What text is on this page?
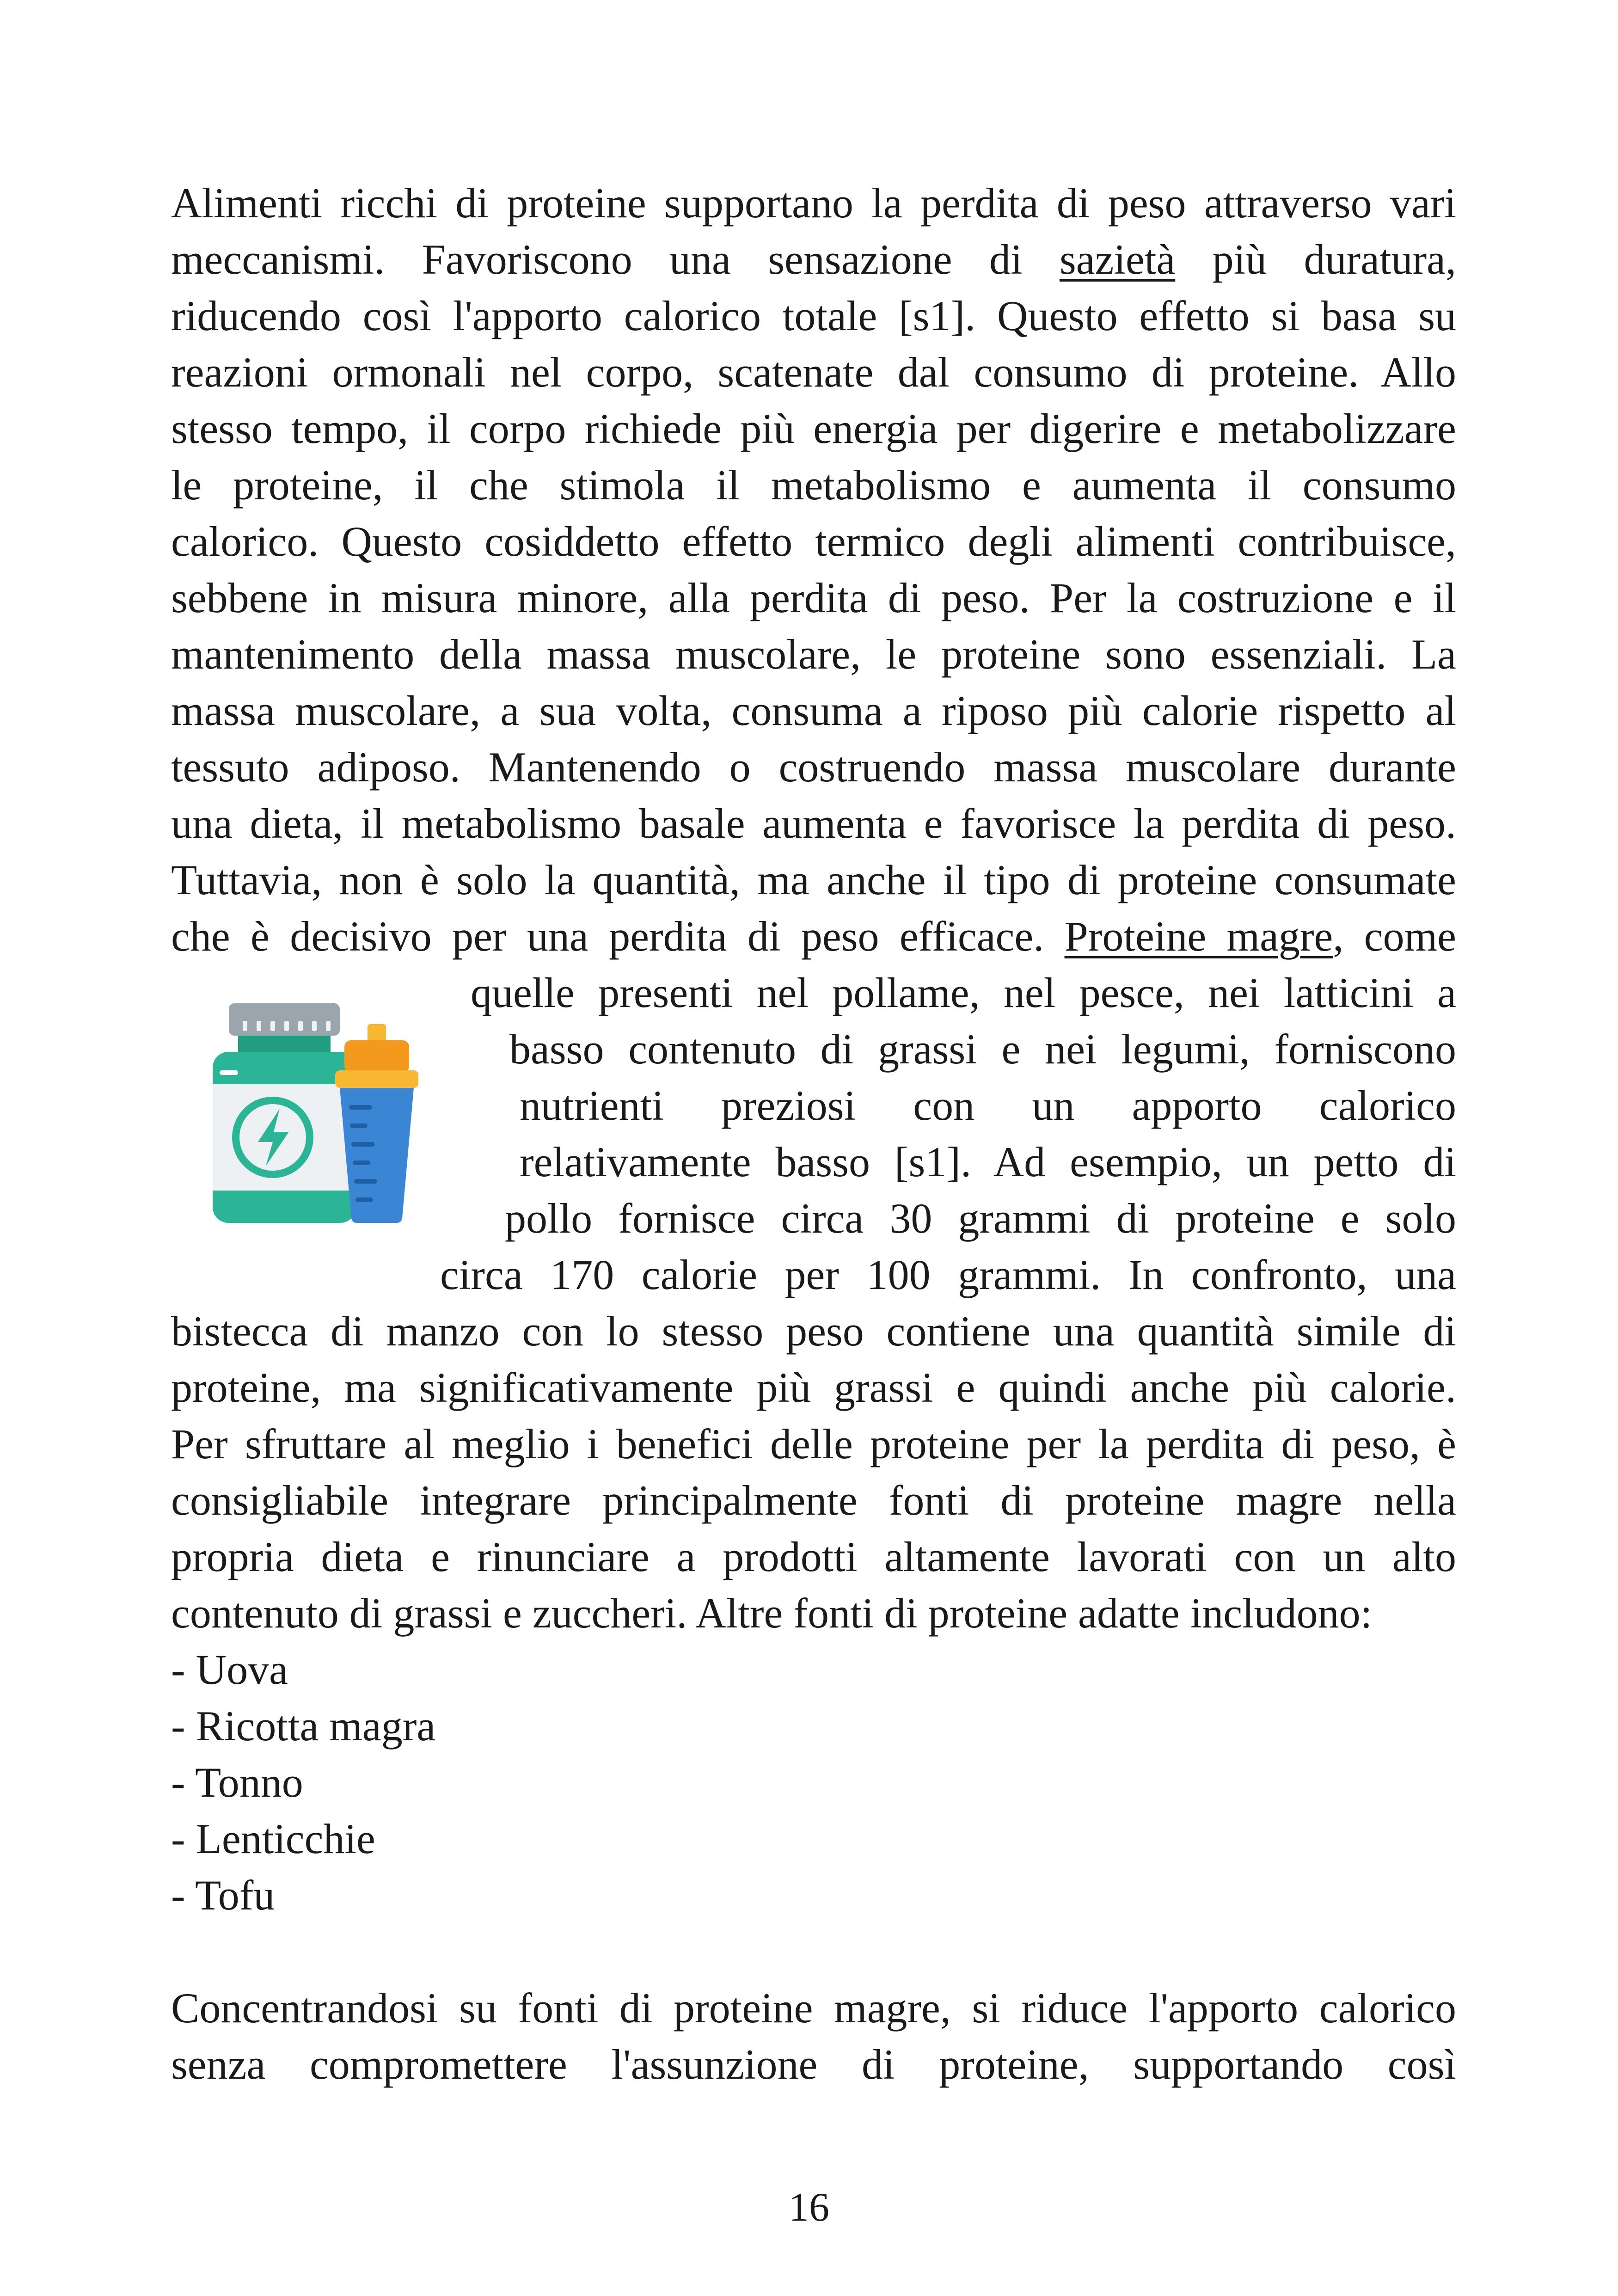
Alimenti ricchi di proteine supportano la perdita di peso attraverso vari
meccanismi. Favoriscono una sensazione di sazietà più duratura,
riducendo così l'apporto calorico totale [s1]. Questo effetto si basa su
reazioni ormonali nel corpo, scatenate dal consumo di proteine. Allo
stesso tempo, il corpo richiede più energia per digerire e metabolizzare
le proteine, il che stimola il metabolismo e aumenta il consumo
calorico. Questo cosiddetto effetto termico degli alimenti contribuisce,
sebbene in misura minore, alla perdita di peso. Per la costruzione e il
mantenimento della massa muscolare, le proteine sono essenziali. La
massa muscolare, a sua volta, consuma a riposo più calorie rispetto al
tessuto adiposo. Mantenendo o costruendo massa muscolare durante
una dieta, il metabolismo basale aumenta e favorisce la perdita di peso.
Tuttavia, non è solo la quantità, ma anche il tipo di proteine consumate
che è decisivo per una perdita di peso efficace. Proteine magre, come
quelle presenti nel pollame, nel pesce, nei latticini a
basso contenuto di grassi e nei legumi, forniscono
nutrienti preziosi con un apporto calorico
relativamente basso [s1]. Ad esempio, un petto di
pollo fornisce circa 30 grammi di proteine e solo
circa 170 calorie per 100 grammi. In confronto, una
bistecca di manzo con lo stesso peso contiene una quantità simile di
proteine, ma significativamente più grassi e quindi anche più calorie.
Per sfruttare al meglio i benefici delle proteine per la perdita di peso, è
consigliabile integrare principalmente fonti di proteine magre nella
propria dieta e rinunciare a prodotti altamente lavorati con un alto
contenuto di grassi e zuccheri. Altre fonti di proteine adatte includono:
- Uova
- Ricotta magra
- Tonno
- Lenticchie
- Tofu
Concentrandosi su fonti di proteine magre, si riduce l'apporto calorico
senza compromettere l'assunzione di proteine, supportando così
16
